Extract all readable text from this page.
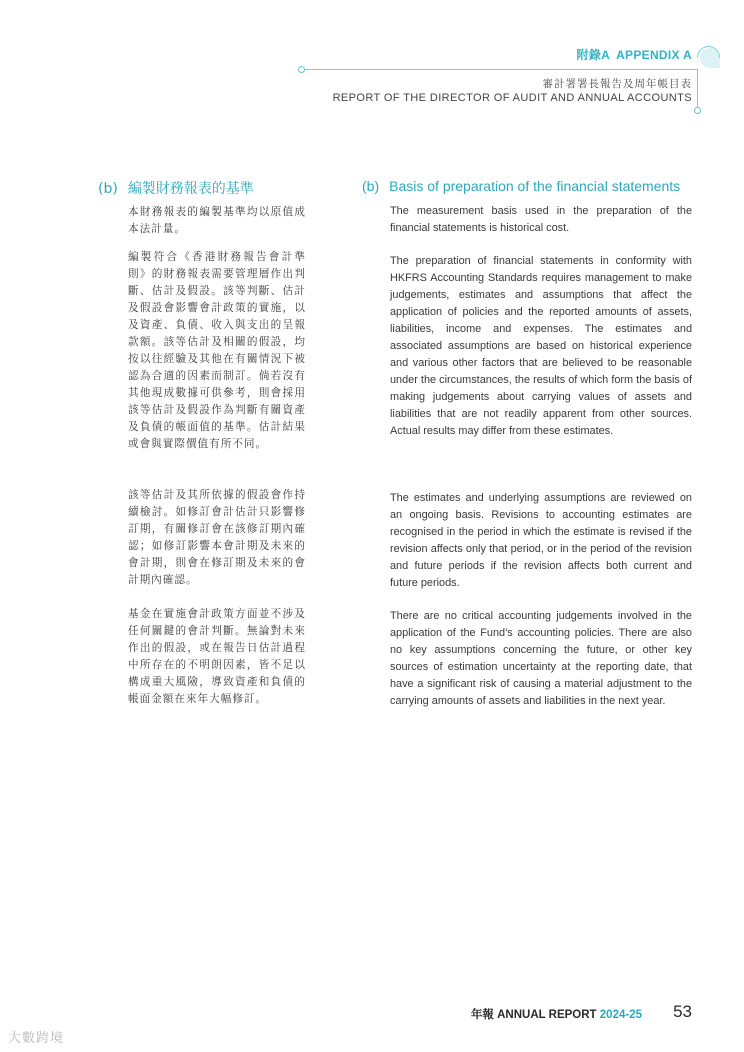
附錄A APPENDIX A
審計署署長報告及周年帳目表
REPORT OF THE DIRECTOR OF AUDIT AND ANNUAL ACCOUNTS
(b) 編製財務報表的基準	(b) Basis of preparation of the financial statements

本財務報表的編製基準均以原值成本法計量。

編製符合《香港財務報告會計準則》的財務報表需要管理層作出判斷、估計及假設。該等判斷、估計及假設會影響會計政策的實施，以及資產、負債、收入與支出的呈報款額。該等估計及相關的假設，均按以往經驗及其他在有關情況下被認為合適的因素而制訂。倘若沒有其他現成數據可供參考，則會採用該等估計及假設作為判斷有關資產及負債的帳面值的基準。估計結果或會與實際價值有所不同。

該等估計及其所依據的假設會作持續檢討。如修訂會計估計只影響修訂期，有關修訂會在該修訂期內確認；如修訂影響本會計期及未來的會計期，則會在修訂期及未來的會計期內確認。

基金在實施會計政策方面並不涉及任何關鍵的會計判斷。無論對未來作出的假設，或在報告日估計過程中所存在的不明朗因素，皆不足以構成重大風險，導致資產和負債的帳面金額在來年大幅修訂。

The measurement basis used in the preparation of the financial statements is historical cost.

The preparation of financial statements in conformity with HKFRS Accounting Standards requires management to make judgements, estimates and assumptions that affect the application of policies and the reported amounts of assets, liabilities, income and expenses. The estimates and associated assumptions are based on historical experience and various other factors that are believed to be reasonable under the circumstances, the results of which form the basis of making judgements about carrying values of assets and liabilities that are not readily apparent from other sources. Actual results may differ from these estimates.

The estimates and underlying assumptions are reviewed on an ongoing basis. Revisions to accounting estimates are recognised in the period in which the estimate is revised if the revision affects only that period, or in the period of the revision and future periods if the revision affects both current and future periods.

There are no critical accounting judgements involved in the application of the Fund’s accounting policies. There are also no key assumptions concerning the future, or other key sources of estimation uncertainty at the reporting date, that have a significant risk of causing a material adjustment to the carrying amounts of assets and liabilities in the next year.

年報 ANNUAL REPORT 2024-25 53
大數跨境
